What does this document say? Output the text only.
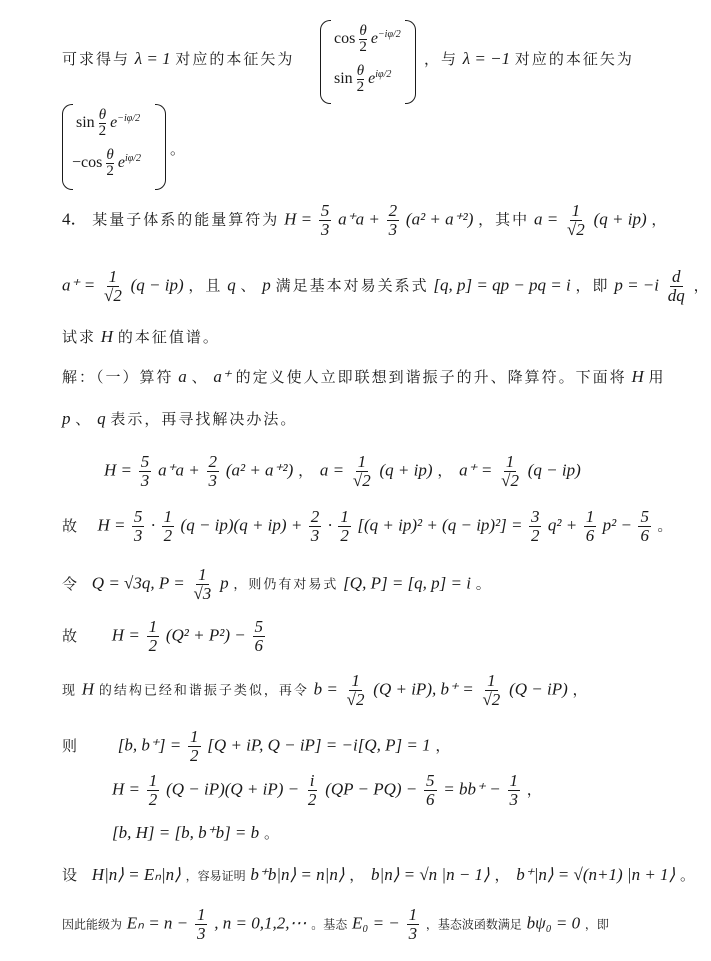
可求得与 λ = 1 对应的本征矢为
$\cos \frac{\theta}{2} e^{-i\varphi/2}$
$\sin \frac{\theta}{2} e^{i\varphi/2}$
，与 λ = −1 对应的本征矢为
$\sin \frac{\theta}{2} e^{-i\varphi/2}$
$-\cos \frac{\theta}{2} e^{i\varphi/2}$
。
4． 某量子体系的能量算符为 $H = \frac{5}{3} a^+a + \frac{2}{3} (a^2 + a^{+2})$ ，其中 $a = \frac{1}{√2} (q + ip)$ ，
$a^+ = \frac{1}{√2} (q - ip)$ ，且 q 、 p 满足基本对易关系式 [q, p] = qp − pq = i ，即 $p = -i \frac{d}{dq}$ ，
试求 H 的本征值谱。
解：（一）算符 a 、 a⁺ 的定义使人立即联想到谐振子的升、降算符。下面将 H 用
p 、 q 表示，再寻找解决办法。
$H = \frac{5}{3} a^+a + \frac{2}{3} (a^2 + a^{+2})$ ， $a = \frac{1}{√2} (q + ip)$ ， $a^+ = \frac{1}{√2} (q - ip)$
故 $H = \frac{5}{3} \cdot \frac{1}{2} (q - ip)(q + ip) + \frac{2}{3} \cdot \frac{1}{2} [(q + ip)^2 + (q - ip)^2] = \frac{3}{2} q^2 + \frac{1}{6} p^2 - \frac{5}{6}$ 。
令 Q = √3q, $P = \frac{1}{√3}$ p ，则仍有对易式 [Q, P] = [q, p] = i 。
故 $H = \frac{1}{2} (Q^2 + P^2) - \frac{5}{6}$
现 H 的结构已经和谐振子类似，再令 $b = \frac{1}{√2} (Q + iP)$, $b^+ = \frac{1}{√2} (Q - iP)$ ，
则 [b, $b^+] = \frac{1}{2} [Q$ + iP, Q − iP] = −i[Q, P] = 1 ，
$H = \frac{1}{2} (Q - iP)(Q + iP) - \frac{i}{2} (QP - PQ) - \frac{5}{6} = bb^+ - \frac{1}{3}$ ，
[b, H] = [b, b⁺b] = b 。
设 H|n⟩ = Eₙ|n⟩ ，容易证明 b⁺b|n⟩ = n|n⟩ ， b|n⟩ = √n |n − 1⟩ ， b⁺|n⟩ = √(n+1) |n + 1⟩ 。
因此能级为 $E_n = n - \frac{1}{3}$ , n = 0,1,2,⋯ 。基态 E₀ = − $\frac{1}{3}$ ，基态波函数满足 bψ₀ = 0 ，即
